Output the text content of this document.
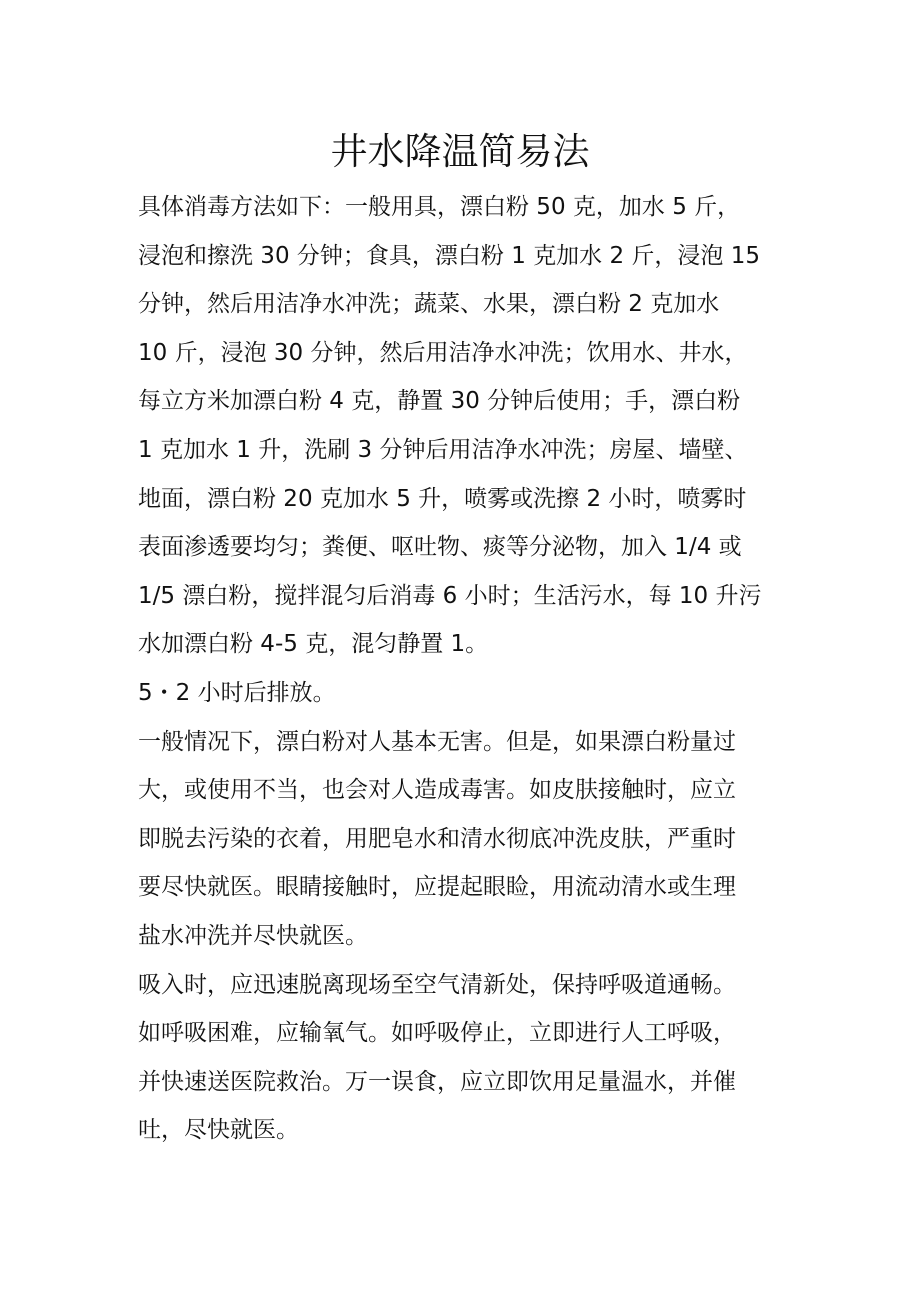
井水降温简易法

具体消毒方法如下：一般用具，漂白粉 50 克，加水 5 斤，
浸泡和擦洗 30 分钟；食具，漂白粉 1 克加水 2 斤，浸泡 15
分钟，然后用洁净水冲洗；蔬菜、水果，漂白粉 2 克加水
10 斤，浸泡 30 分钟，然后用洁净水冲洗；饮用水、井水，
每立方米加漂白粉 4 克，静置 30 分钟后使用；手，漂白粉
1 克加水 1 升，洗刷 3 分钟后用洁净水冲洗；房屋、墙壁、
地面，漂白粉 20 克加水 5 升，喷雾或洗擦 2 小时，喷雾时
表面渗透要均匀；粪便、呕吐物、痰等分泌物，加入 1/4 或
1/5 漂白粉，搅拌混匀后消毒 6 小时；生活污水，每 10 升污
水加漂白粉 4-5 克，混匀静置 1。

5・2 小时后排放。

一般情况下，漂白粉对人基本无害。但是，如果漂白粉量过
大，或使用不当，也会对人造成毒害。如皮肤接触时，应立
即脱去污染的衣着，用肥皂水和清水彻底冲洗皮肤，严重时
要尽快就医。眼睛接触时，应提起眼睑，用流动清水或生理
盐水冲洗并尽快就医。

吸入时，应迅速脱离现场至空气清新处，保持呼吸道通畅。
如呼吸困难，应输氧气。如呼吸停止，立即进行人工呼吸，
并快速送医院救治。万一误食，应立即饮用足量温水，并催
吐，尽快就医。
